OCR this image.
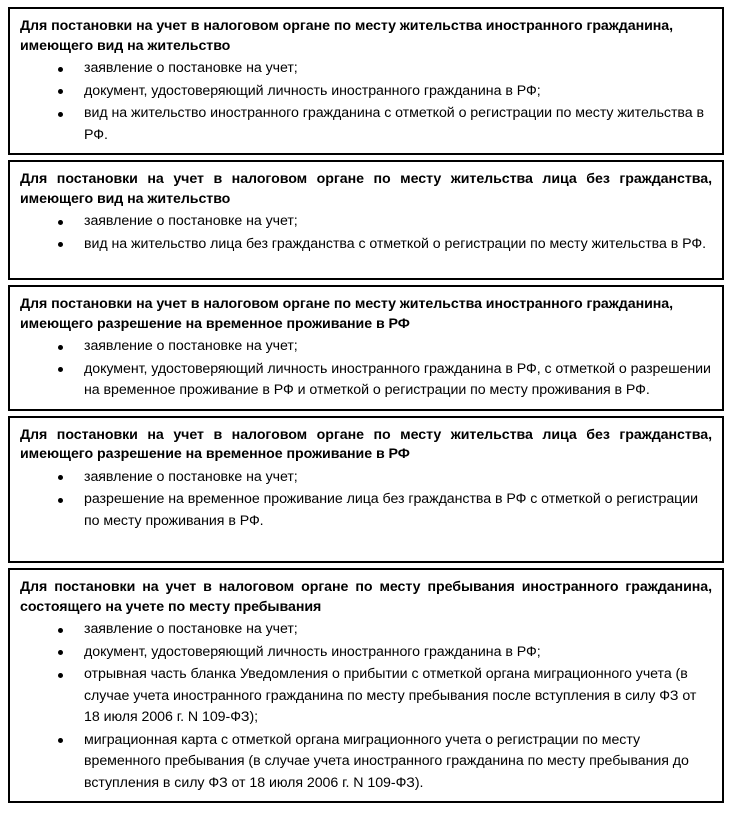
Для постановки на учет в налоговом органе по месту жительства иностранного гражданина, имеющего вид на жительство
заявление о постановке на учет;
документ, удостоверяющий личность иностранного гражданина в РФ;
вид на жительство иностранного гражданина с отметкой о регистрации по месту жительства в РФ.
Для постановки на учет в налоговом органе по месту жительства лица без гражданства, имеющего вид на жительство
заявление о постановке на учет;
вид на жительство лица без гражданства с отметкой о регистрации по месту жительства в РФ.
Для постановки на учет в налоговом органе по месту жительства иностранного гражданина, имеющего разрешение на временное проживание в РФ
заявление о постановке на учет;
документ, удостоверяющий личность иностранного гражданина в РФ, с отметкой о разрешении на временное проживание в РФ и отметкой о регистрации по месту проживания в РФ.
Для постановки на учет в налоговом органе по месту жительства лица без гражданства, имеющего разрешение на временное проживание в РФ
заявление о постановке на учет;
разрешение на временное проживание лица без гражданства в РФ с отметкой о регистрации по месту проживания в РФ.
Для постановки на учет в налоговом органе по месту пребывания иностранного гражданина, состоящего на учете по месту пребывания
заявление о постановке на учет;
документ, удостоверяющий личность иностранного гражданина в РФ;
отрывная часть бланка Уведомления о прибытии с отметкой органа миграционного учета (в случае учета иностранного гражданина по месту пребывания после вступления в силу ФЗ от 18 июля 2006 г. N 109-ФЗ);
миграционная карта с отметкой органа миграционного учета о регистрации по месту временного пребывания (в случае учета иностранного гражданина по месту пребывания до вступления в силу ФЗ от 18 июля 2006 г. N 109-ФЗ).
